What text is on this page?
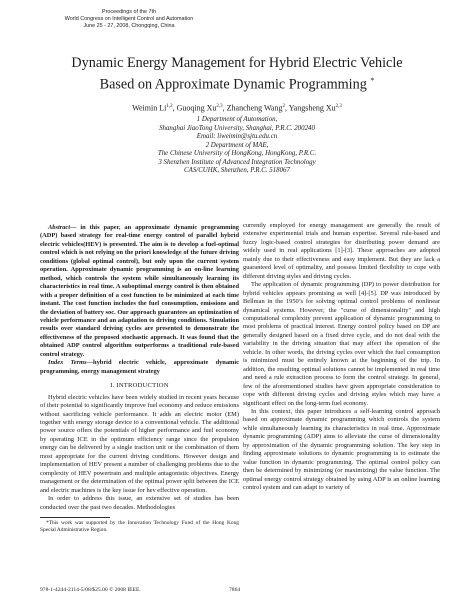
Proceedings of the 7th
World Congress on Intelligent Control and Automation
June 25 - 27, 2008, Chongqing, China
Dynamic Energy Management for Hybrid Electric Vehicle
Based on Approximate Dynamic Programming *
Weimin Li$^{1,2}$, Guoqing Xu$^{2,3}$, Zhancheng Wang$^2$, Yangsheng Xu$^{2,3}$
1 Department of Automation,
Shanghai JiaoTong University, Shanghai, P.R.C. 200240
Email: liweimin@sjtu.edu.cn
2 Department of MAE,
The Chinese University of HongKong, HongKong, P.R.C.
3 Shenzhen Institute of Advanced Integration Technology
CAS/CUHK, Shenzhen, P.R.C. 518067

Abstract— in this paper, an approximate dynamic programming (ADP) based strategy for real-time energy control of parallel hybrid electric vehicles(HEV) is presented. The aim is to develop a fuel-optimal control which is not relying on the priori knowledge of the future driving conditions (global optimal control), but only upon the current system operation. Approximate dynamic programming is an on-line learning method, which controls the system while simultaneously learning its characteristics in real time. A suboptimal energy control is then obtained with a proper definition of a cost function to be minimized at each time instant. The cost function includes the fuel consumption, emissions and the deviation of battery soc. Our approach guarantees an optimization of vehicle performance and an adaptation to driving conditions. Simulation results over standard driving cycles are presented to demonstrate the effectiveness of the proposed stochastic approach. It was found that the obtained ADP control algorithm outperforms a traditional rule-based control strategy.

Index Terms—hybrid electric vehicle, approximate dynamic programming, energy management strategy

I. INTRODUCTION

Hybrid electric vehicles have been widely studied in recent years because of their potential to significantly improve fuel economy and reduce emissions without sacrificing vehicle performance. It adds an electric motor (EM) together with energy storage device to a conventional vehicle. The additional power source offers the potentials of higher performance and fuel economy by operating ICE in the optimum efficiency range since the propulsion energy can be delivered by a single traction unit or the combination of them most appropriate for the current driving conditions. However design and implementation of HEV present a number of challenging problems due to the complexity of HEV powertrain and multiple antagonistic objectives. Energy management or the determination of the optimal power split between the ICE and electric machines is the key issue for hev effective operation.

In order to address this issue, an extensive set of studies has been conducted over the past two decades. Methodologies

*This work was supported by the Innovation Technology Fund of the Hong Kong Special Administrative Region.

currently employed for energy management are generally the result of extensive experimental trials and human expertise. Several rule-based and fuzzy logic-based control strategies for distributing power demand are widely used in real applications [1]-[3]. These approaches are adopted mainly due to their effectiveness and easy implement. But they are lack a guaranteed level of optimality, and possess limited flexibility to cope with different driving styles and driving cycles.

The application of dynamic programming (DP) to power distribution for hybrid vehicles appears promising as well [4]-[5]. DP was introduced by Bellman in the 1950’s for solving optimal control problems of nonlinear dynamical systems. However, the "curse of dimensionality" and high computational complexity prevent application of dynamic programming to most problems of practical interest. Energy control policy based on DP are generally designed based on a fixed drive cycle, and do not deal with the variability in the driving situation that may affect the operation of the vehicle. In other words, the driving cycles over which the fuel consumption is minimized must be entirely known at the beginning of the trip. In addition, the resulting optimal solutions cannot be implemented in real time and need a rule extraction process to form the control strategy. In general, few of the aforementioned studies have given appropriate consideration to cope with different driving cycles and driving styles which may have a significant effect on the long-term fuel economy.

In this context, this paper introduces a self-learning control approach based on approximate dynamic programming which controls the system while simultaneously learning its characteristics in real time. Approximate dynamic programming (ADP) aims to alleviate the curse of dimensionality by approximation of the dynamic programming solution. The key step in finding approximate solutions to dynamic programming is to estimate the value function in dynamic programming. The optimal control policy can then be determined by minimizing (or maximizing) the value function. The optimal energy control strategy obtained by using ADP is an online learning control system and can adapt to variety of

978-1-4244-2114-5/08/$25.00 © 2008 IEEE.	7864
